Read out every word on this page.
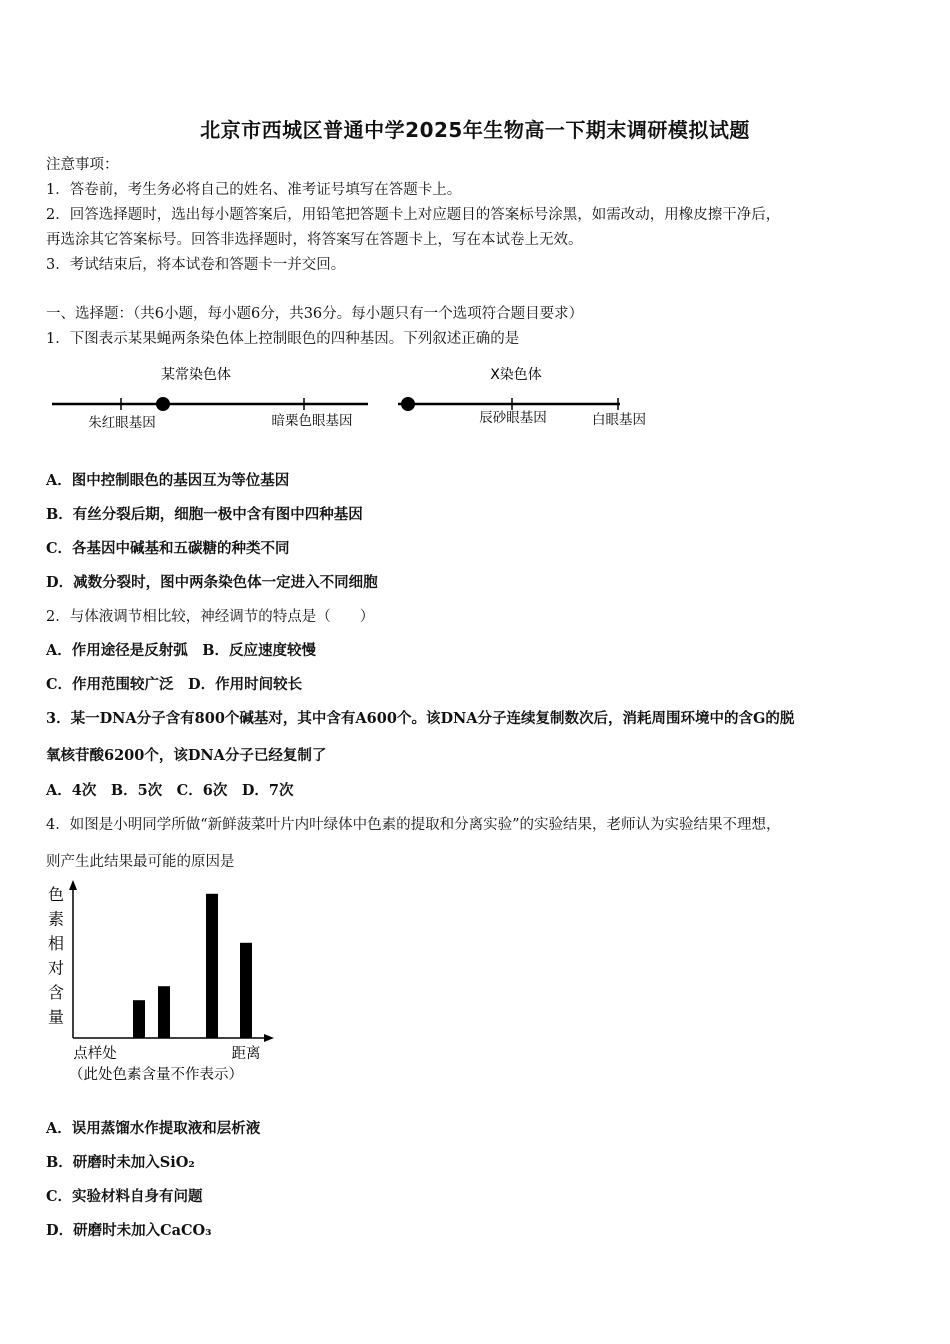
北京市西城区普通中学2025年生物高一下期末调研模拟试题
注意事项：
1．答卷前，考生务必将自己的姓名、准考证号填写在答题卡上。
2．回答选择题时，选出每小题答案后，用铅笔把答题卡上对应题目的答案标号涂黑，如需改动，用橡皮擦干净后，
再选涂其它答案标号。回答非选择题时，将答案写在答题卡上，写在本试卷上无效。
3．考试结束后，将本试卷和答题卡一并交回。
一、选择题：（共6小题，每小题6分，共36分。每小题只有一个选项符合题目要求）
1．下图表示某果蝇两条染色体上控制眼色的四种基因。下列叙述正确的是
某常染色体	X染色体
朱红眼基因	暗栗色眼基因	辰砂眼基因	白眼基因
A．图中控制眼色的基因互为等位基因
B．有丝分裂后期，细胞一极中含有图中四种基因
C．各基因中碱基和五碳糖的种类不同
D．减数分裂时，图中两条染色体一定进入不同细胞
2．与体液调节相比较，神经调节的特点是（　　）
A．作用途径是反射弧　B．反应速度较慢
C．作用范围较广泛　D．作用时间较长
3．某一DNA分子含有800个碱基对，其中含有A600个。该DNA分子连续复制数次后，消耗周围环境中的含G的脱
氧核苷酸6200个，该DNA分子已经复制了
A．4次　B．5次　C．6次　D．7次
4．如图是小明同学所做“新鲜菠菜叶片内叶绿体中色素的提取和分离实验”的实验结果，老师认为实验结果不理想，
则产生此结果最可能的原因是
色素相对含量
点样处	距离
（此处色素含量不作表示）
A．误用蒸馏水作提取液和层析液
B．研磨时未加入SiO₂
C．实验材料自身有问题
D．研磨时未加入CaCO₃
